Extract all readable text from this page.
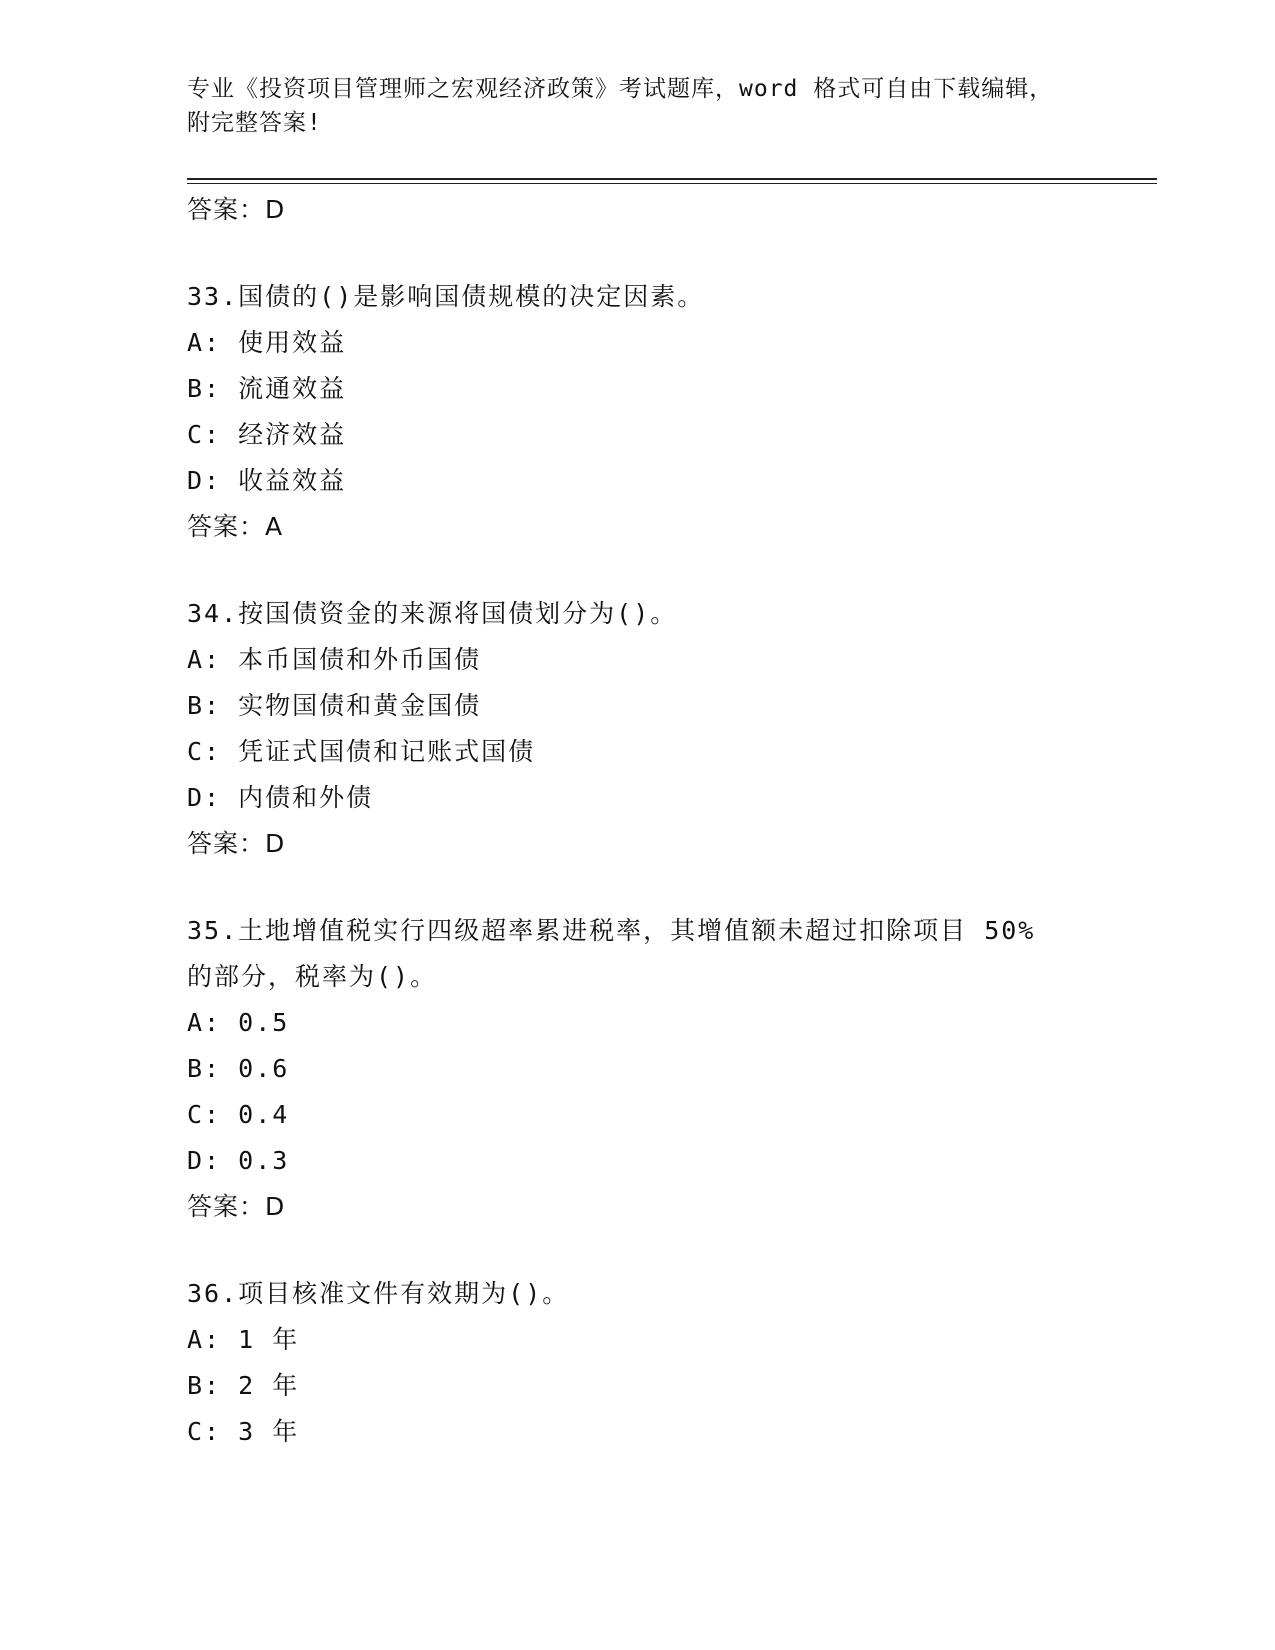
专业《投资项目管理师之宏观经济政策》考试题库，word 格式可自由下载编辑，
附完整答案!
答案：D
33.国债的()是影响国债规模的决定因素。
A: 使用效益
B: 流通效益
C: 经济效益
D: 收益效益
答案：A
34.按国债资金的来源将国债划分为()。
A: 本币国债和外币国债
B: 实物国债和黄金国债
C: 凭证式国债和记账式国债
D: 内债和外债
答案：D
35.土地增值税实行四级超率累进税率，其增值额未超过扣除项目 50%
的部分，税率为()。
A: 0.5
B: 0.6
C: 0.4
D: 0.3
答案：D
36.项目核准文件有效期为()。
A: 1 年
B: 2 年
C: 3 年
